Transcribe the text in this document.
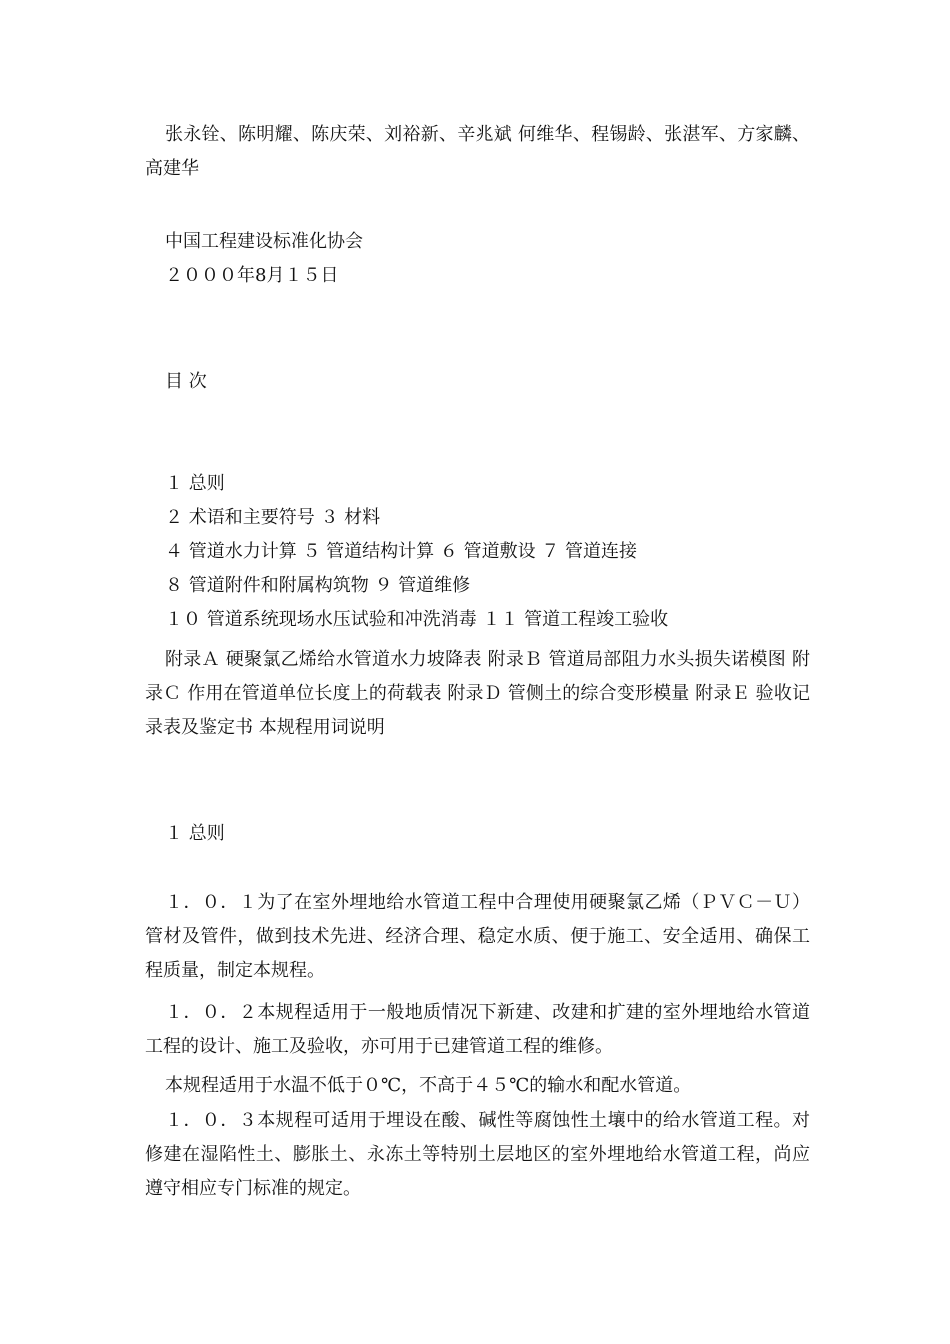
张永铨、陈明耀、陈庆荣、刘裕新、辛兆斌 何维华、程锡龄、张湛军、方家麟、高建华
中国工程建设标准化协会
２０００年8月１５日
目 次
１ 总则
２ 术语和主要符号 ３ 材料
４ 管道水力计算 ５ 管道结构计算 ６ 管道敷设 ７ 管道连接
８ 管道附件和附属构筑物 ９ 管道维修
１０ 管道系统现场水压试验和冲洗消毒 １１ 管道工程竣工验收
附录Ａ 硬聚氯乙烯给水管道水力坡降表 附录Ｂ 管道局部阻力水头损失诺模图 附录Ｃ 作用在管道单位长度上的荷载表 附录Ｄ 管侧土的综合变形模量 附录Ｅ 验收记录表及鉴定书 本规程用词说明
１ 总则
１．０．１为了在室外埋地给水管道工程中合理使用硬聚氯乙烯（ＰＶＣ－Ｕ）管材及管件，做到技术先进、经济合理、稳定水质、便于施工、安全适用、确保工程质量，制定本规程。
１．０．２本规程适用于一般地质情况下新建、改建和扩建的室外埋地给水管道工程的设计、施工及验收，亦可用于已建管道工程的维修。
本规程适用于水温不低于０℃，不高于４５℃的输水和配水管道。
１．０．３本规程可适用于埋设在酸、碱性等腐蚀性土壤中的给水管道工程。对修建在湿陷性土、膨胀土、永冻土等特别土层地区的室外埋地给水管道工程，尚应遵守相应专门标准的规定。
